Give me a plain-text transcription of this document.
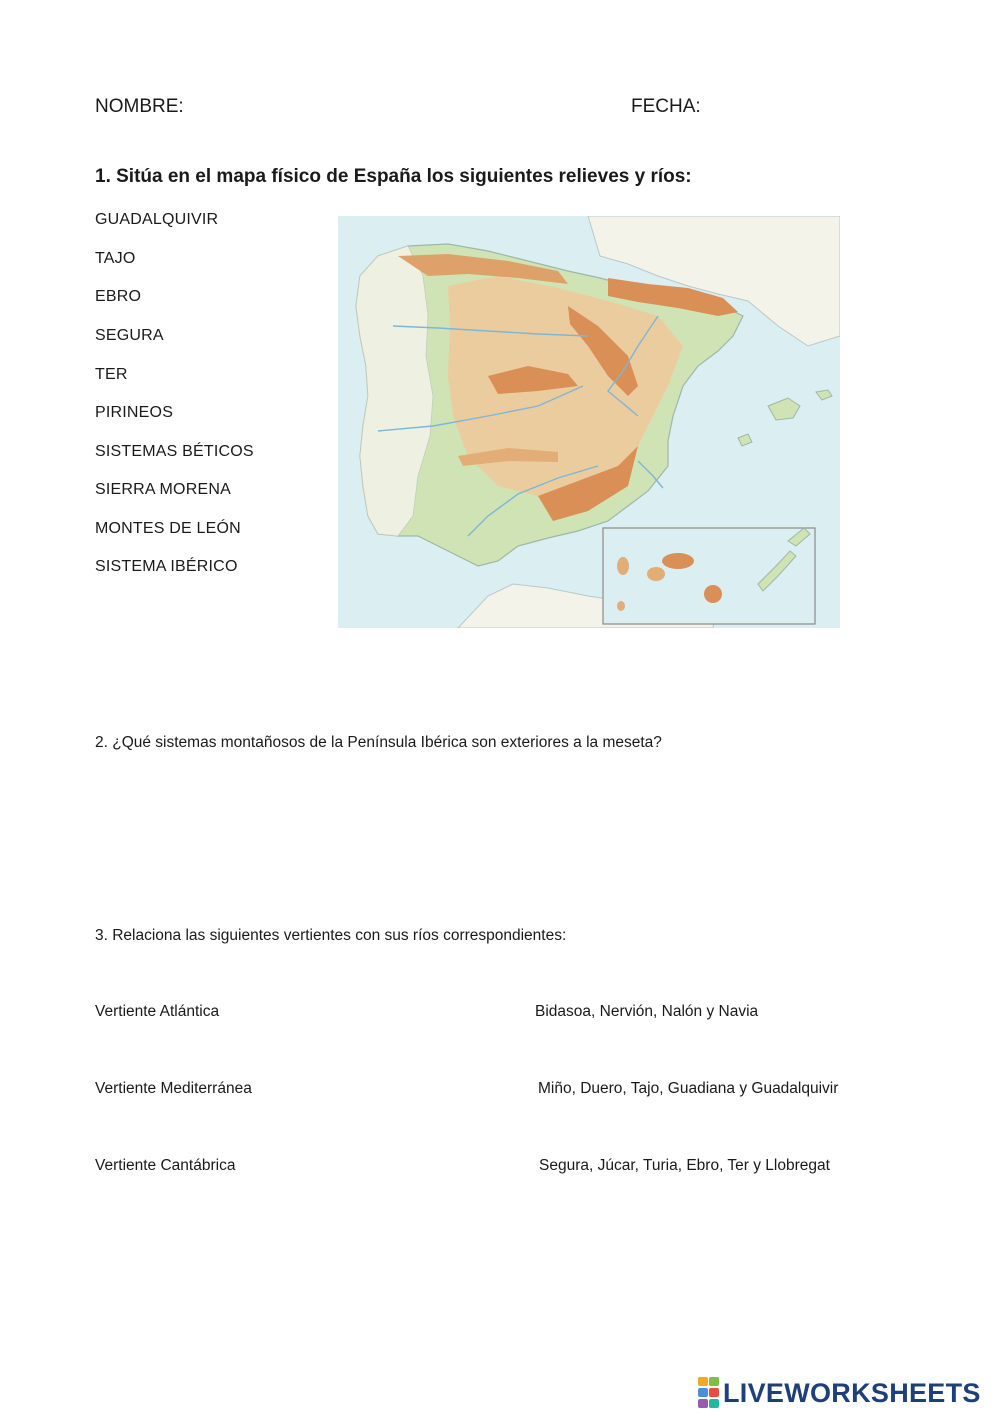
NOMBRE:	FECHA:
1. Sitúa en el mapa físico de España los siguientes relieves y ríos:
GUADALQUIVIR
TAJO
EBRO
SEGURA
TER
PIRINEOS
SISTEMAS BÉTICOS
SIERRA MORENA
MONTES DE LEÓN
SISTEMA IBÉRICO
2. ¿Qué sistemas montañosos de la Península Ibérica son exteriores a la meseta?
3. Relaciona las siguientes vertientes con sus ríos correspondientes:
Vertiente Atlántica	Bidasoa, Nervión, Nalón y Navia
Vertiente Mediterránea	Miño, Duero, Tajo, Guadiana y Guadalquivir
Vertiente Cantábrica	Segura, Júcar, Turia, Ebro, Ter y Llobregat
LIVEWORKSHEETS
